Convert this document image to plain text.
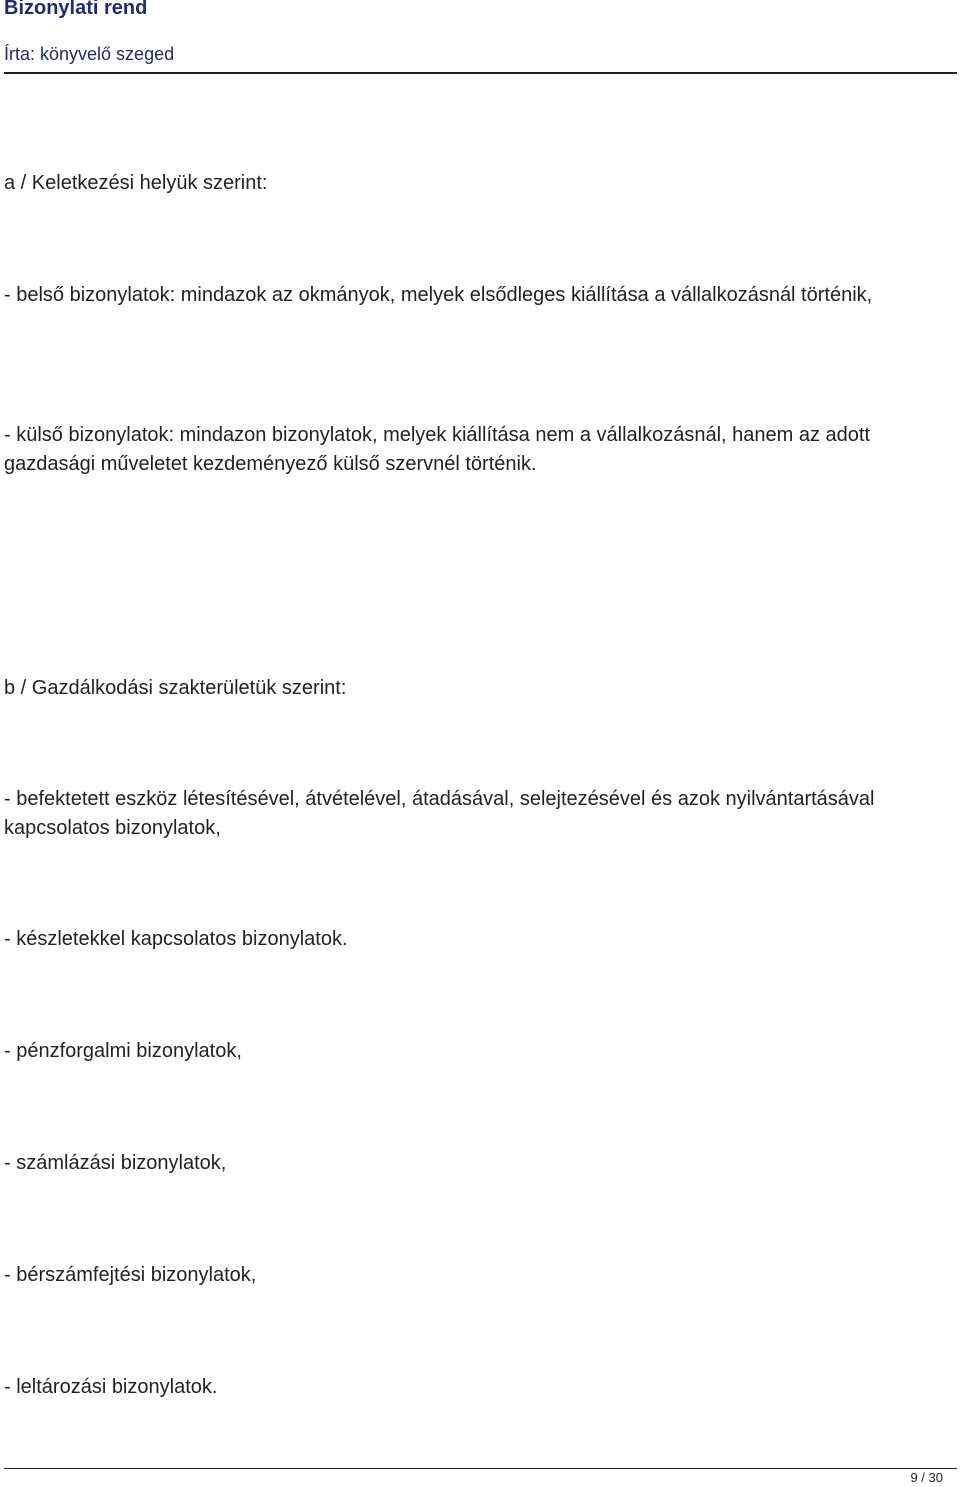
Bizonylati rend
Írta: könyvelő szeged

a / Keletkezési helyük szerint:

- belső bizonylatok: mindazok az okmányok, melyek elsődleges kiállítása a vállalkozásnál történik,

- külső bizonylatok: mindazon bizonylatok, melyek kiállítása nem a vállalkozásnál, hanem az adott gazdasági műveletet kezdeményező külső szervnél történik.

b / Gazdálkodási szakterületük szerint:

- befektetett eszköz létesítésével, átvételével, átadásával, selejtezésével és azok nyilvántartásával kapcsolatos bizonylatok,

- készletekkel kapcsolatos bizonylatok.

- pénzforgalmi bizonylatok,

- számlázási bizonylatok,

- bérszámfejtési bizonylatok,

- leltározási bizonylatok.

9 / 30
